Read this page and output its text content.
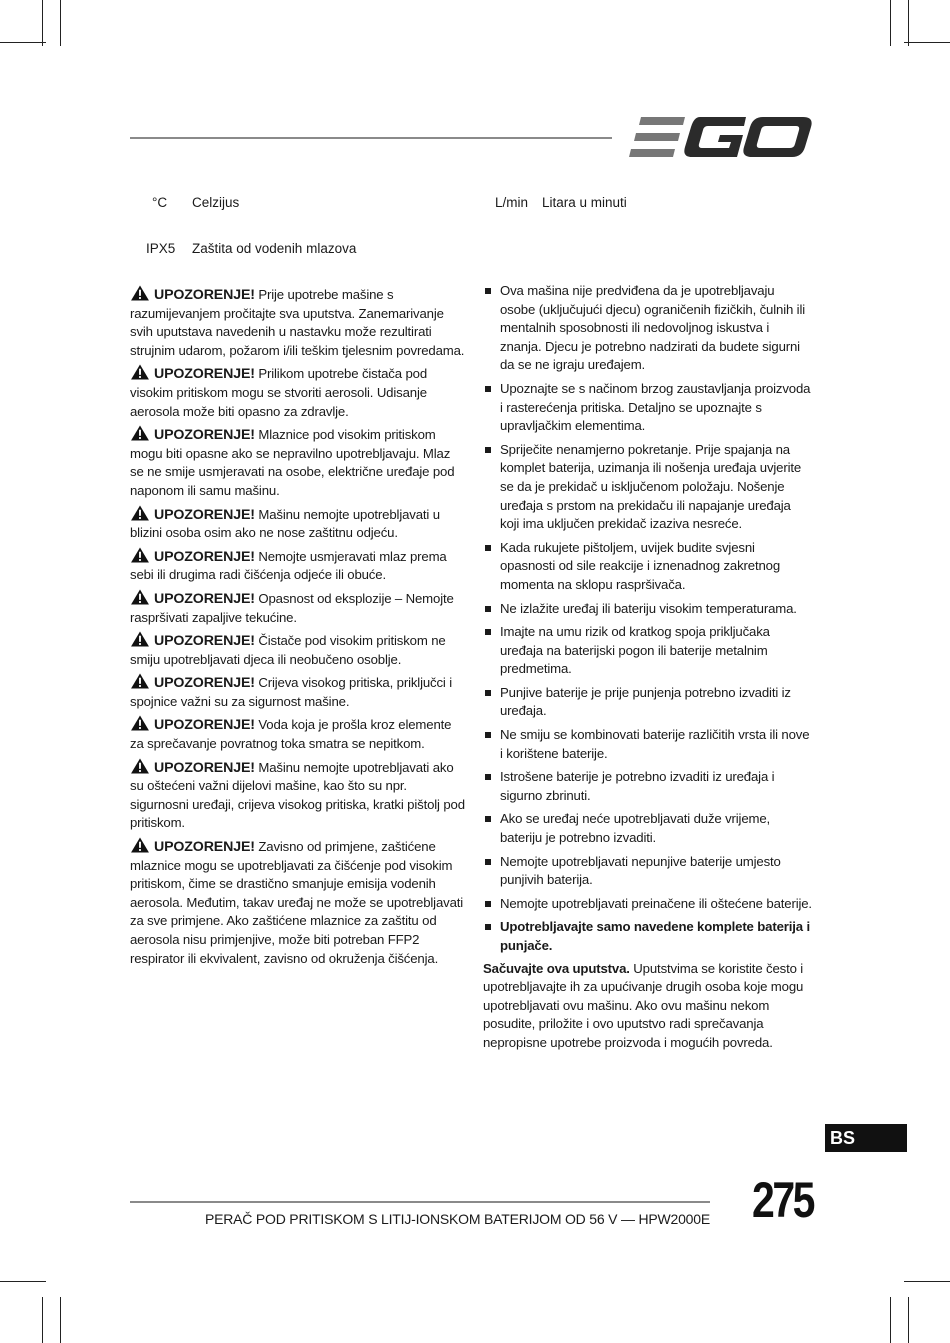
°C Celzijus	L/min Litara u minuti
IPX5 Zaštita od vodenih mlazova
UPOZORENJE! Prije upotrebe mašine s razumijevanjem pročitajte sva uputstva. Zanemarivanje svih uputstava navedenih u nastavku može rezultirati strujnim udarom, požarom i/ili teškim tjelesnim povredama.
UPOZORENJE! Prilikom upotrebe čistača pod visokim pritiskom mogu se stvoriti aerosoli. Udisanje aerosola može biti opasno za zdravlje.
UPOZORENJE! Mlaznice pod visokim pritiskom mogu biti opasne ako se nepravilno upotrebljavaju. Mlaz se ne smije usmjeravati na osobe, električne uređaje pod naponom ili samu mašinu.
UPOZORENJE! Mašinu nemojte upotrebljavati u blizini osoba osim ako ne nose zaštitnu odjeću.
UPOZORENJE! Nemojte usmjeravati mlaz prema sebi ili drugima radi čišćenja odjeće ili obuće.
UPOZORENJE! Opasnost od eksplozije – Nemojte raspršivati zapaljive tekućine.
UPOZORENJE! Čistače pod visokim pritiskom ne smiju upotrebljavati djeca ili neobučeno osoblje.
UPOZORENJE! Crijeva visokog pritiska, priključci i spojnice važni su za sigurnost mašine.
UPOZORENJE! Voda koja je prošla kroz elemente za sprečavanje povratnog toka smatra se nepitkom.
UPOZORENJE! Mašinu nemojte upotrebljavati ako su oštećeni važni dijelovi mašine, kao što su npr. sigurnosni uređaji, crijeva visokog pritiska, kratki pištolj pod pritiskom.
UPOZORENJE! Zavisno od primjene, zaštićene mlaznice mogu se upotrebljavati za čišćenje pod visokim pritiskom, čime se drastično smanjuje emisija vodenih aerosola. Međutim, takav uređaj ne može se upotrebljavati za sve primjene. Ako zaštićene mlaznice za zaštitu od aerosola nisu primjenjive, može biti potreban FFP2 respirator ili ekvivalent, zavisno od okruženja čišćenja.
Ova mašina nije predviđena da je upotrebljavaju osobe (uključujući djecu) ograničenih fizičkih, čulnih ili mentalnih sposobnosti ili nedovoljnog iskustva i znanja. Djecu je potrebno nadzirati da budete sigurni da se ne igraju uređajem.
Upoznajte se s načinom brzog zaustavljanja proizvoda i rasterećenja pritiska. Detaljno se upoznajte s upravljačkim elementima.
Spriječite nenamjerno pokretanje. Prije spajanja na komplet baterija, uzimanja ili nošenja uređaja uvjerite se da je prekidač u isključenom položaju. Nošenje uređaja s prstom na prekidaču ili napajanje uređaja koji ima uključen prekidač izaziva nesreće.
Kada rukujete pištoljem, uvijek budite svjesni opasnosti od sile reakcije i iznenadnog zakretnog momenta na sklopu raspršivača.
Ne izlažite uređaj ili bateriju visokim temperaturama.
Imajte na umu rizik od kratkog spoja priključaka uređaja na baterijski pogon ili baterije metalnim predmetima.
Punjive baterije je prije punjenja potrebno izvaditi iz uređaja.
Ne smiju se kombinovati baterije različitih vrsta ili nove i korištene baterije.
Istrošene baterije je potrebno izvaditi iz uređaja i sigurno zbrinuti.
Ako se uređaj neće upotrebljavati duže vrijeme, bateriju je potrebno izvaditi.
Nemojte upotrebljavati nepunjive baterije umjesto punjivih baterija.
Nemojte upotrebljavati preinačene ili oštećene baterije.
Upotrebljavajte samo navedene komplete baterija i punjače.
Sačuvajte ova uputstva. Uputstvima se koristite često i upotrebljavajte ih za upućivanje drugih osoba koje mogu upotrebljavati ovu mašinu. Ako ovu mašinu nekom posudite, priložite i ovo uputstvo radi sprečavanja nepropisne upotrebe proizvoda i mogućih povreda.
BS
PERAČ POD PRITISKOM S LITIJ-IONSKOM BATERIJOM OD 56 V — HPW2000E 275
